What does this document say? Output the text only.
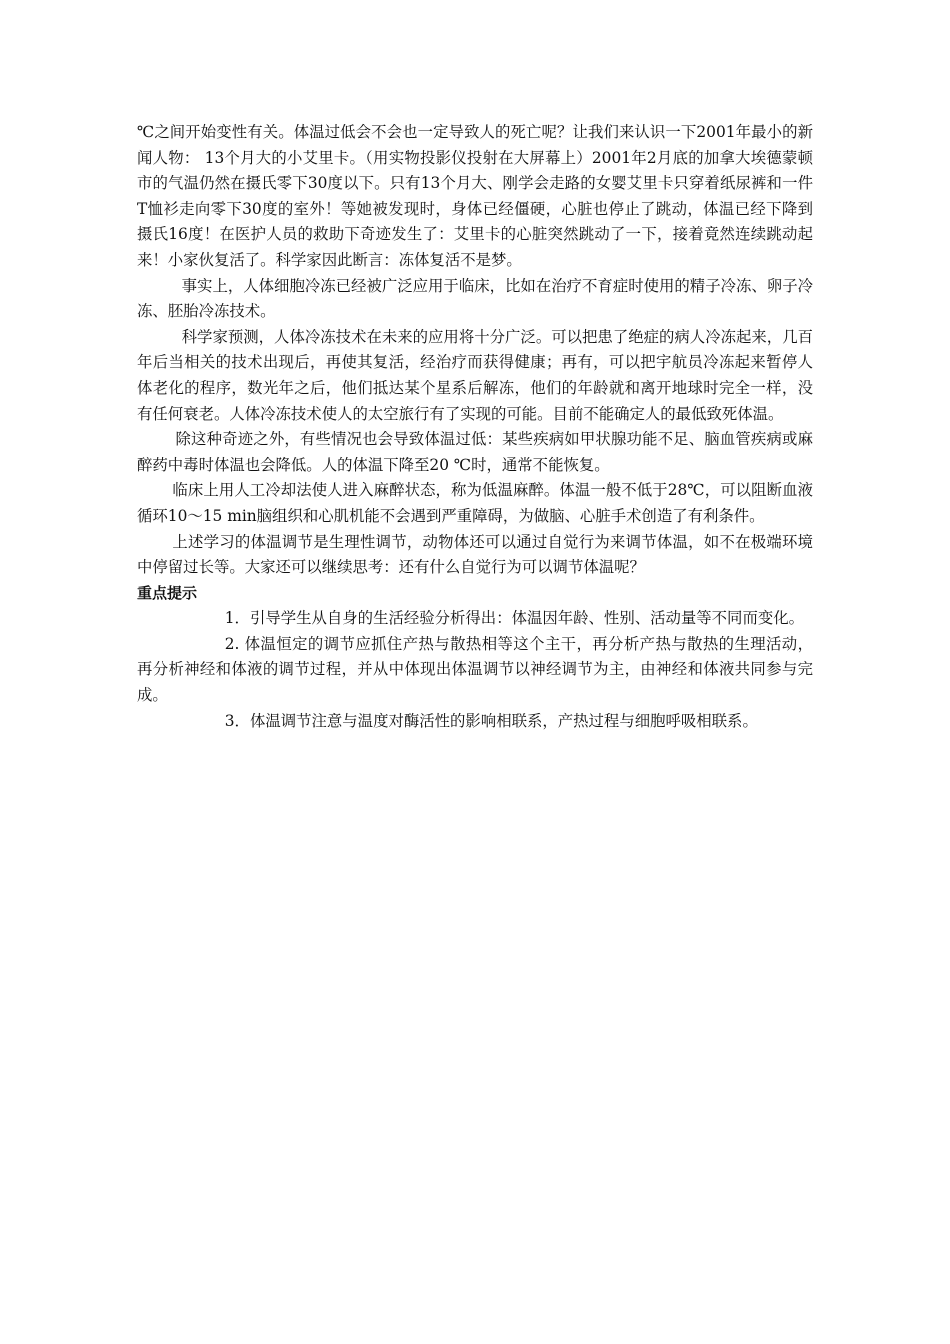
℃之间开始变性有关。体温过低会不会也一定导致人的死亡呢？让我们来认识一下2001年最小的新闻人物： 13个月大的小艾里卡。（用实物投影仪投射在大屏幕上）2001年2月底的加拿大埃德蒙顿市的气温仍然在摄氏零下30度以下。只有13个月大、刚学会走路的女婴艾里卡只穿着纸尿裤和一件T恤衫走向零下30度的室外！等她被发现时，身体已经僵硬，心脏也停止了跳动，体温已经下降到摄氏16度！在医护人员的救助下奇迹发生了：艾里卡的心脏突然跳动了一下，接着竟然连续跳动起来！小家伙复活了。科学家因此断言：冻体复活不是梦。

事实上，人体细胞冷冻已经被广泛应用于临床，比如在治疗不育症时使用的精子冷冻、卵子冷冻、胚胎冷冻技术。

科学家预测，人体冷冻技术在未来的应用将十分广泛。可以把患了绝症的病人冷冻起来，几百年后当相关的技术出现后，再使其复活，经治疗而获得健康；再有，可以把宇航员冷冻起来暂停人体老化的程序，数光年之后，他们抵达某个星系后解冻，他们的年龄就和离开地球时完全一样，没有任何衰老。人体冷冻技术使人的太空旅行有了实现的可能。目前不能确定人的最低致死体温。

除这种奇迹之外，有些情况也会导致体温过低：某些疾病如甲状腺功能不足、脑血管疾病或麻醉药中毒时体温也会降低。人的体温下降至20 ℃时，通常不能恢复。

临床上用人工冷却法使人进入麻醉状态，称为低温麻醉。体温一般不低于28℃，可以阻断血液循环10～15 min脑组织和心肌机能不会遇到严重障碍，为做脑、心脏手术创造了有利条件。

上述学习的体温调节是生理性调节，动物体还可以通过自觉行为来调节体温，如不在极端环境中停留过长等。大家还可以继续思考：还有什么自觉行为可以调节体温呢？

重点提示

1．引导学生从自身的生活经验分析得出：体温因年龄、性别、活动量等不同而变化。

2. 体温恒定的调节应抓住产热与散热相等这个主干，再分析产热与散热的生理活动，再分析神经和体液的调节过程，并从中体现出体温调节以神经调节为主，由神经和体液共同参与完成。

3．体温调节注意与温度对酶活性的影响相联系，产热过程与细胞呼吸相联系。
